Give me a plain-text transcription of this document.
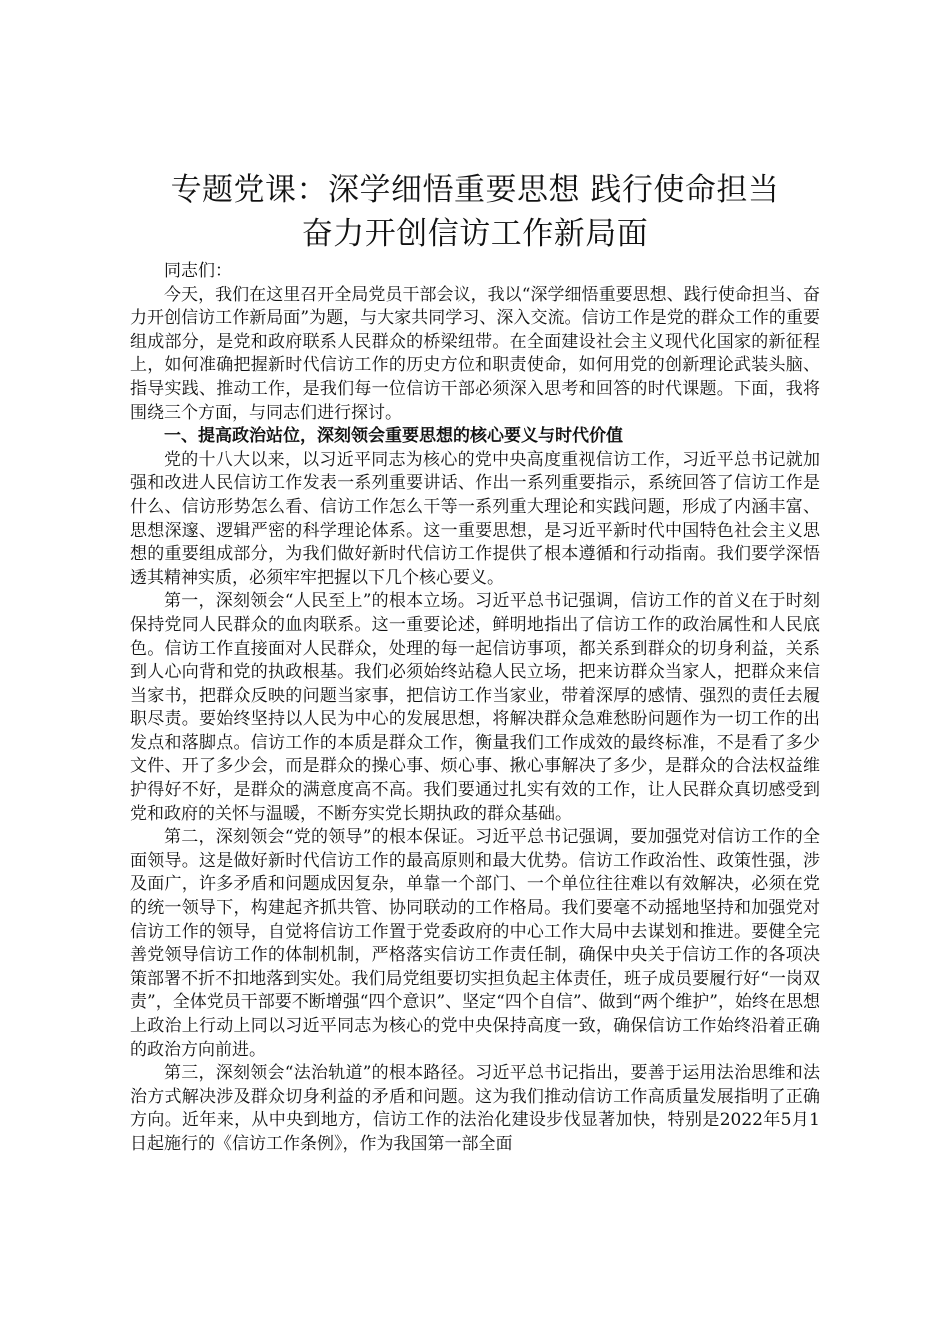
专题党课：深学细悟重要思想 践行使命担当
奋力开创信访工作新局面

同志们：

今天，我们在这里召开全局党员干部会议，我以“深学细悟重要思想、践行使命担当、奋力开创信访工作新局面”为题，与大家共同学习、深入交流。信访工作是党的群众工作的重要组成部分，是党和政府联系人民群众的桥梁纽带。在全面建设社会主义现代化国家的新征程上，如何准确把握新时代信访工作的历史方位和职责使命，如何用党的创新理论武装头脑、指导实践、推动工作，是我们每一位信访干部必须深入思考和回答的时代课题。下面，我将围绕三个方面，与同志们进行探讨。

一、提高政治站位，深刻领会重要思想的核心要义与时代价值

党的十八大以来，以习近平同志为核心的党中央高度重视信访工作，习近平总书记就加强和改进人民信访工作发表一系列重要讲话、作出一系列重要指示，系统回答了信访工作是什么、信访形势怎么看、信访工作怎么干等一系列重大理论和实践问题，形成了内涵丰富、思想深邃、逻辑严密的科学理论体系。这一重要思想，是习近平新时代中国特色社会主义思想的重要组成部分，为我们做好新时代信访工作提供了根本遵循和行动指南。我们要学深悟透其精神实质，必须牢牢把握以下几个核心要义。

第一，深刻领会“人民至上”的根本立场。习近平总书记强调，信访工作的首义在于时刻保持党同人民群众的血肉联系。这一重要论述，鲜明地指出了信访工作的政治属性和人民底色。信访工作直接面对人民群众，处理的每一起信访事项，都关系到群众的切身利益，关系到人心向背和党的执政根基。我们必须始终站稳人民立场，把来访群众当家人，把群众来信当家书，把群众反映的问题当家事，把信访工作当家业，带着深厚的感情、强烈的责任去履职尽责。要始终坚持以人民为中心的发展思想，将解决群众急难愁盼问题作为一切工作的出发点和落脚点。信访工作的本质是群众工作，衡量我们工作成效的最终标准，不是看了多少文件、开了多少会，而是群众的操心事、烦心事、揪心事解决了多少，是群众的合法权益维护得好不好，是群众的满意度高不高。我们要通过扎实有效的工作，让人民群众真切感受到党和政府的关怀与温暖，不断夯实党长期执政的群众基础。

第二，深刻领会“党的领导”的根本保证。习近平总书记强调，要加强党对信访工作的全面领导。这是做好新时代信访工作的最高原则和最大优势。信访工作政治性、政策性强，涉及面广，许多矛盾和问题成因复杂，单靠一个部门、一个单位往往难以有效解决，必须在党的统一领导下，构建起齐抓共管、协同联动的工作格局。我们要毫不动摇地坚持和加强党对信访工作的领导，自觉将信访工作置于党委政府的中心工作大局中去谋划和推进。要健全完善党领导信访工作的体制机制，严格落实信访工作责任制，确保中央关于信访工作的各项决策部署不折不扣地落到实处。我们局党组要切实担负起主体责任，班子成员要履行好“一岗双责”，全体党员干部要不断增强“四个意识”、坚定“四个自信”、做到“两个维护”，始终在思想上政治上行动上同以习近平同志为核心的党中央保持高度一致，确保信访工作始终沿着正确的政治方向前进。

第三，深刻领会“法治轨道”的根本路径。习近平总书记指出，要善于运用法治思维和法治方式解决涉及群众切身利益的矛盾和问题。这为我们推动信访工作高质量发展指明了正确方向。近年来，从中央到地方，信访工作的法治化建设步伐显著加快，特别是2022年5月1日起施行的《信访工作条例》，作为我国第一部全面
